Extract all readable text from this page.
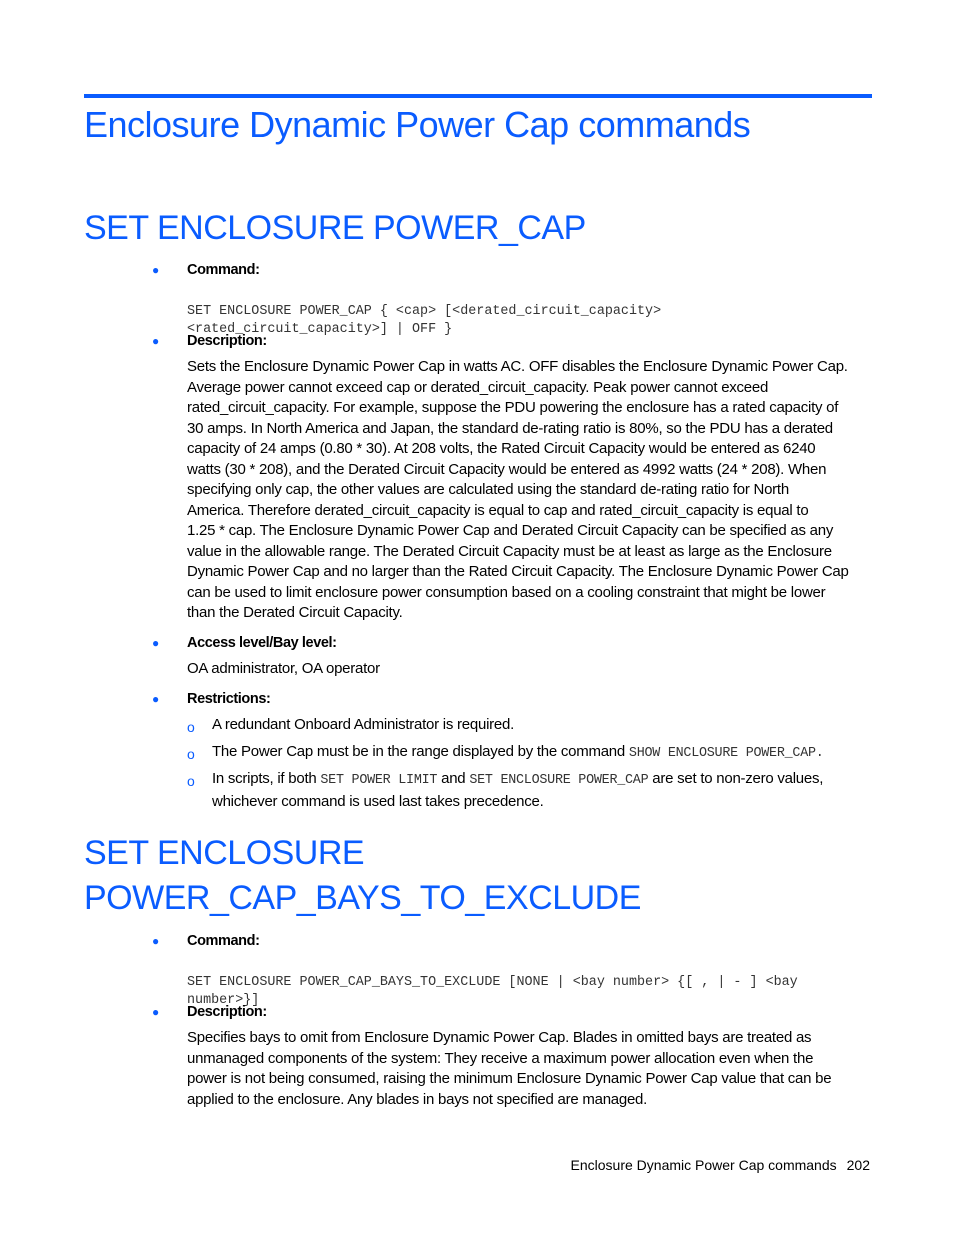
Enclosure Dynamic Power Cap commands
SET ENCLOSURE POWER_CAP
● Command:

SET ENCLOSURE POWER_CAP { <cap> [<derated_circuit_capacity>
<rated_circuit_capacity>] | OFF }

● Description:
Sets the Enclosure Dynamic Power Cap in watts AC. OFF disables the Enclosure Dynamic Power Cap.
Average power cannot exceed cap or derated_circuit_capacity. Peak power cannot exceed
rated_circuit_capacity. For example, suppose the PDU powering the enclosure has a rated capacity of
30 amps. In North America and Japan, the standard de-rating ratio is 80%, so the PDU has a derated
capacity of 24 amps (0.80 * 30). At 208 volts, the Rated Circuit Capacity would be entered as 6240
watts (30 * 208), and the Derated Circuit Capacity would be entered as 4992 watts (24 * 208). When
specifying only cap, the other values are calculated using the standard de-rating ratio for North
America. Therefore derated_circuit_capacity is equal to cap and rated_circuit_capacity is equal to
1.25 * cap. The Enclosure Dynamic Power Cap and Derated Circuit Capacity can be specified as any
value in the allowable range. The Derated Circuit Capacity must be at least as large as the Enclosure
Dynamic Power Cap and no larger than the Rated Circuit Capacity. The Enclosure Dynamic Power Cap
can be used to limit enclosure power consumption based on a cooling constraint that might be lower
than the Derated Circuit Capacity.
● Access level/Bay level:
OA administrator, OA operator
● Restrictions:
o A redundant Onboard Administrator is required.
o The Power Cap must be in the range displayed by the command SHOW ENCLOSURE POWER_CAP.
o In scripts, if both SET POWER LIMIT and SET ENCLOSURE POWER_CAP are set to non-zero values,
whichever command is used last takes precedence.
SET ENCLOSURE
POWER_CAP_BAYS_TO_EXCLUDE
● Command:

SET ENCLOSURE POWER_CAP_BAYS_TO_EXCLUDE [NONE | <bay number> {[ , | - ] <bay
number>}]

● Description:
Specifies bays to omit from Enclosure Dynamic Power Cap. Blades in omitted bays are treated as
unmanaged components of the system: They receive a maximum power allocation even when the
power is not being consumed, raising the minimum Enclosure Dynamic Power Cap value that can be
applied to the enclosure. Any blades in bays not specified are managed.
Enclosure Dynamic Power Cap commands 202
